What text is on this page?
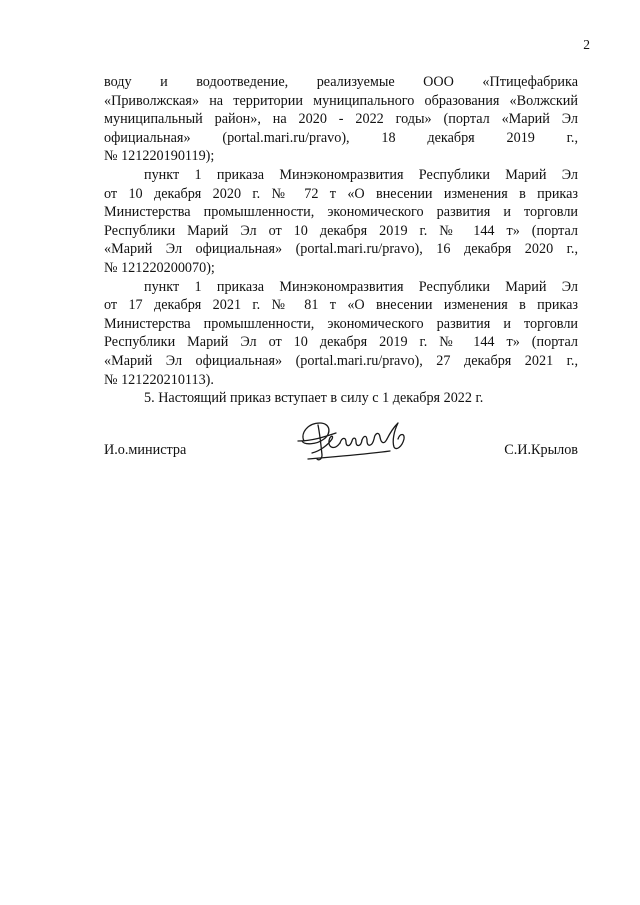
2
воду и водоотведение, реализуемые ООО «Птицефабрика
«Приволжская» на территории муниципального образования «Волжский
муниципальный район», на 2020 - 2022 годы» (портал «Марий Эл
официальная» (portal.mari.ru/pravo), 18 декабря 2019 г.,
№ 121220190119);
пункт 1 приказа Минэкономразвития Республики Марий Эл
от 10 декабря 2020 г. № 72 т «О внесении изменения в приказ
Министерства промышленности, экономического развития и торговли
Республики Марий Эл от 10 декабря 2019 г. № 144 т» (портал
«Марий Эл официальная» (portal.mari.ru/pravo), 16 декабря 2020 г.,
№ 121220200070);
пункт 1 приказа Минэкономразвития Республики Марий Эл
от 17 декабря 2021 г. № 81 т «О внесении изменения в приказ
Министерства промышленности, экономического развития и торговли
Республики Марий Эл от 10 декабря 2019 г. № 144 т» (портал
«Марий Эл официальная» (portal.mari.ru/pravo), 27 декабря 2021 г.,
№ 121220210113).
5. Настоящий приказ вступает в силу с 1 декабря 2022 г.
И.о.министра	С.И.Крылов
